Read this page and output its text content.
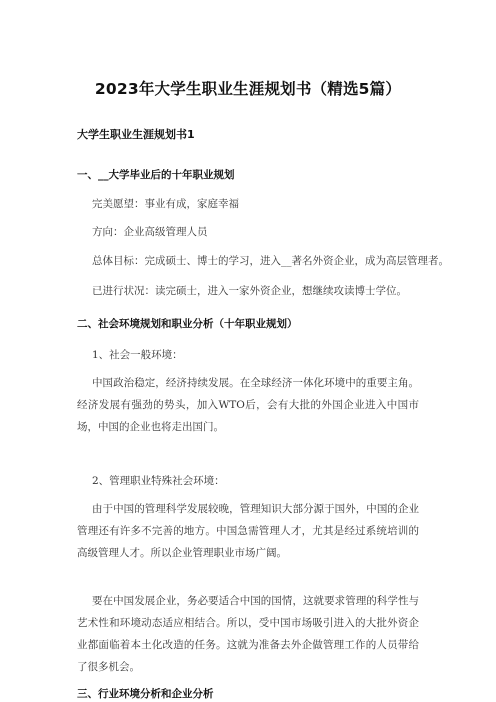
2023年大学生职业生涯规划书（精选5篇）
大学生职业生涯规划书1
一、__大学毕业后的十年职业规划
完美愿望：事业有成，家庭幸福
方向：企业高级管理人员
总体目标：完成硕士、博士的学习，进入__著名外资企业，成为高层管理者。
已进行状况：读完硕士，进入一家外资企业，想继续攻读博士学位。
二、社会环境规划和职业分析（十年职业规划）
1、社会一般环境：
中国政治稳定，经济持续发展。在全球经济一体化环境中的重要主角。经济发展有强劲的势头，加入WTO后，会有大批的外国企业进入中国市场，中国的企业也将走出国门。
2、管理职业特殊社会环境：
由于中国的管理科学发展较晚，管理知识大部分源于国外，中国的企业管理还有许多不完善的地方。中国急需管理人才，尤其是经过系统培训的高级管理人才。所以企业管理职业市场广阔。
要在中国发展企业，务必要适合中国的国情，这就要求管理的科学性与艺术性和环境动态适应相结合。所以，受中国市场吸引进入的大批外资企业都面临着本土化改造的任务。这就为准备去外企做管理工作的人员带给了很多机会。
三、行业环境分析和企业分析
